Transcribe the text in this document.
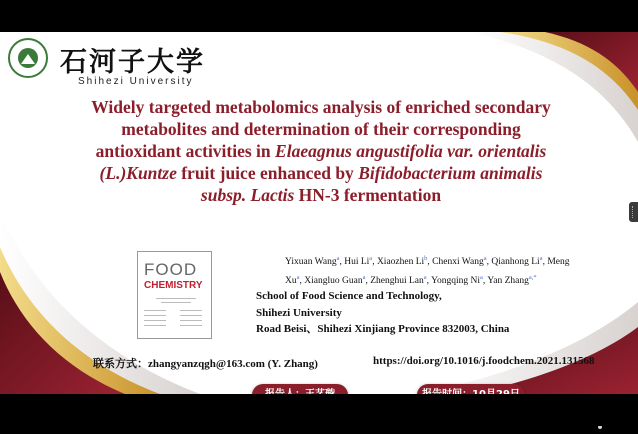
石河子大学
Shihezi University
Widely targeted metabolomics analysis of enriched secondary
metabolites and determination of their corresponding
antioxidant activities in Elaeagnus angustifolia var. orientalis
(L.)Kuntze fruit juice enhanced by Bifidobacterium animalis
subsp. Lactis HN-3 fermentation
FOOD
CHEMISTRY
Yixuan Wang$^a$, Hui Li$^a$, Xiaozhen Li$^b$, Chenxi Wang$^a$, Qianhong Li$^a$, Meng Xu$^a$, Xiangluo Guan$^a$, Zhenghui Lan$^a$, Yongqing Ni$^a$, Yan Zhang$^{a,*}$
School of Food Science and Technology,
Shihezi University
Road Beisi、Shihezi Xinjiang Province 832003, China
联系方式：zhangyanzqgh@163.com (Y. Zhang)	https://doi.org/10.1016/j.foodchem.2021.131568
